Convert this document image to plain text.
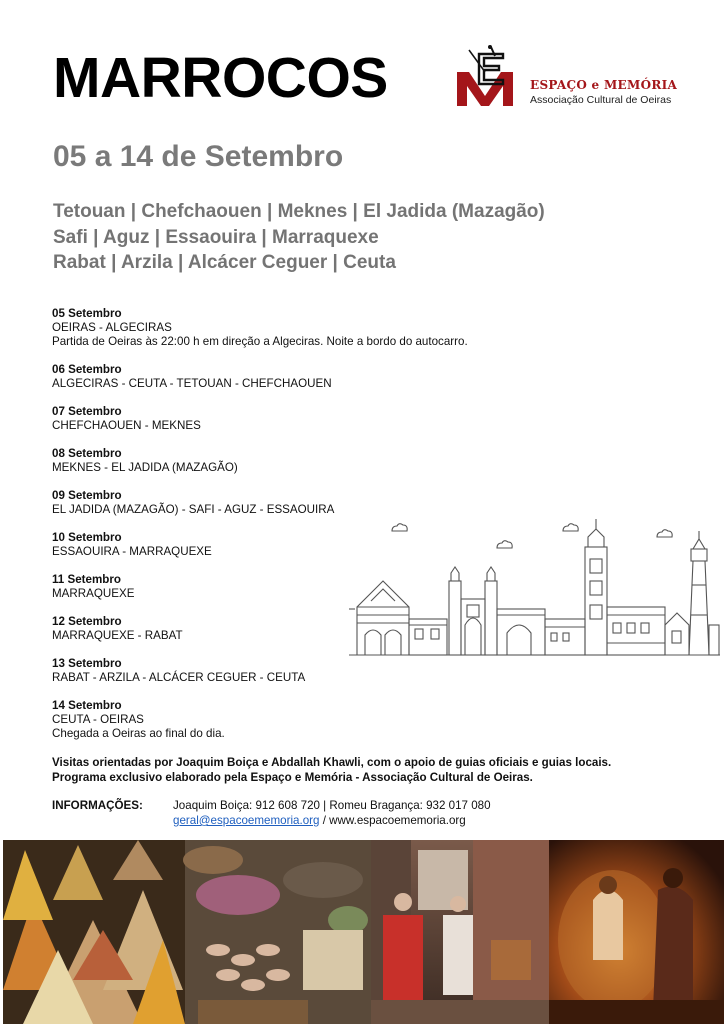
MARROCOS	ESPAÇO e MEMÓRIA
Associação Cultural de Oeiras
05 a 14 de Setembro
Tetouan | Chefchaouen | Meknes | El Jadida (Mazagão)
Safi | Aguz | Essaouira | Marraquexe
Rabat | Arzila | Alcácer Ceguer | Ceuta
05 Setembro
OEIRAS - ALGECIRAS
Partida de Oeiras às 22:00 h em direção a Algeciras. Noite a bordo do autocarro.
06 Setembro
ALGECIRAS - CEUTA - TETOUAN - CHEFCHAOUEN
07 Setembro
CHEFCHAOUEN - MEKNES
08 Setembro
MEKNES - EL JADIDA (MAZAGÃO)
09 Setembro
EL JADIDA (MAZAGÃO) - SAFI - AGUZ - ESSAOUIRA
10 Setembro
ESSAOUIRA - MARRAQUEXE
11 Setembro
MARRAQUEXE
12 Setembro
MARRAQUEXE - RABAT
13 Setembro
RABAT - ARZILA - ALCÁCER CEGUER - CEUTA
14 Setembro
CEUTA - OEIRAS
Chegada a Oeiras ao final do dia.
Visitas orientadas por Joaquim Boiça e Abdallah Khawli, com o apoio de guias oficiais e guias locais.
Programa exclusivo elaborado pela Espaço e Memória - Associação Cultural de Oeiras.
INFORMAÇÕES:	Joaquim Boiça: 912 608 720 | Romeu Bragança: 932 017 080
geral@espacoememoria.org / www.espacoememoria.org
